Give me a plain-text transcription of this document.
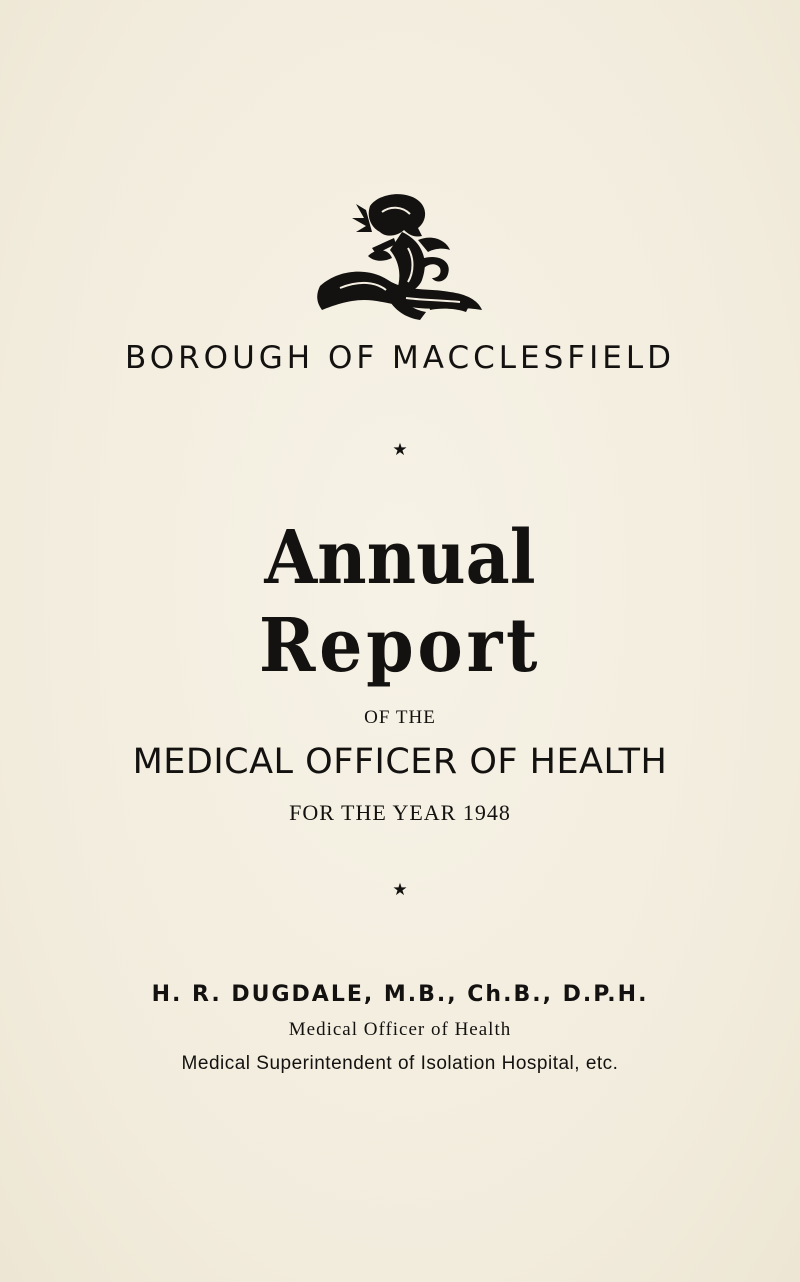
BOROUGH OF MACCLESFIELD
★
Annual
Report
OF THE
MEDICAL OFFICER OF HEALTH
FOR THE YEAR 1948
★
H. R. DUGDALE, M.B., Ch.B., D.P.H.
Medical Officer of Health
Medical Superintendent of Isolation Hospital, etc.
